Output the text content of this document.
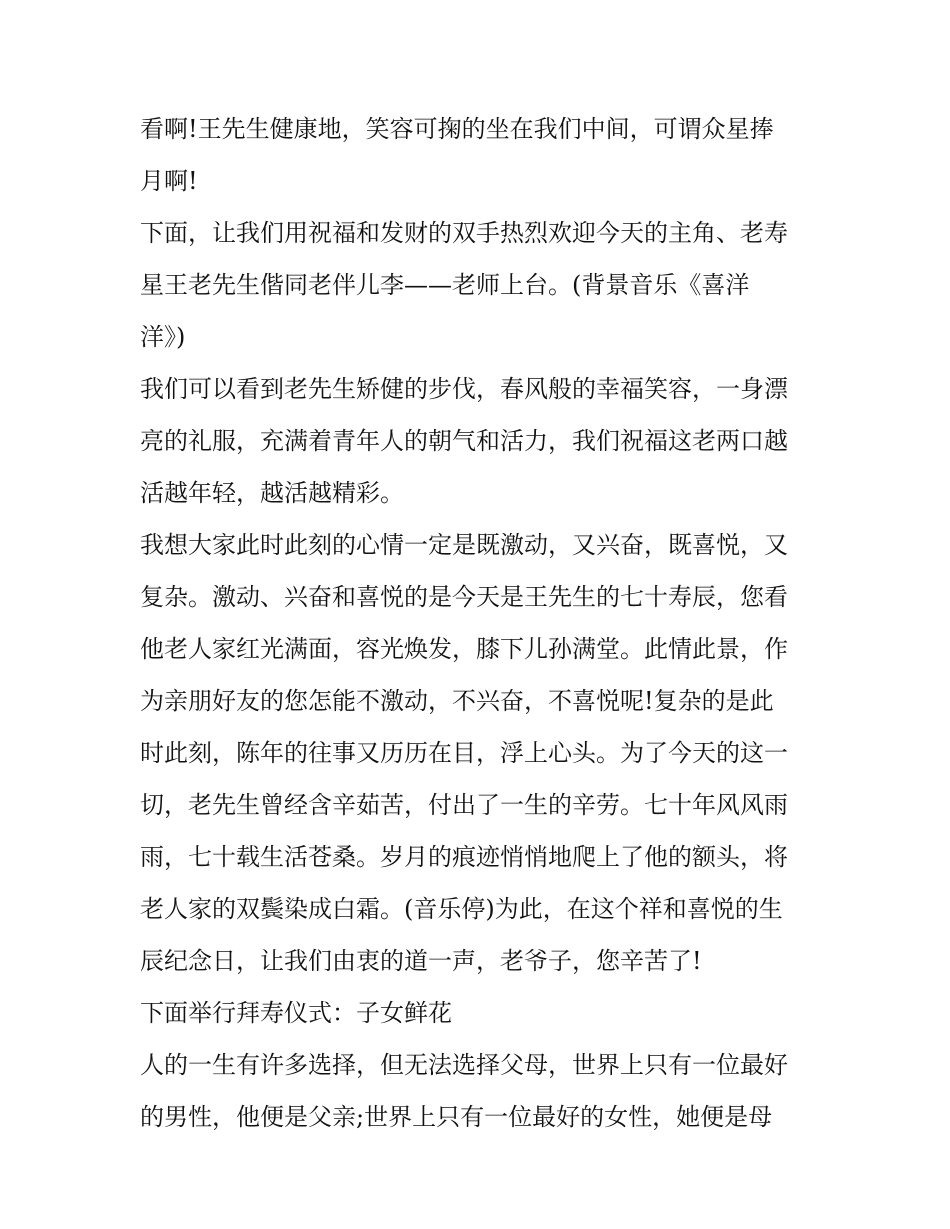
看啊!王先生健康地，笑容可掬的坐在我们中间，可谓众星捧
月啊!
下面，让我们用祝福和发财的双手热烈欢迎今天的主角、老寿
星王老先生偕同老伴儿李——老师上台。(背景音乐《喜洋
洋》)
我们可以看到老先生矫健的步伐，春风般的幸福笑容，一身漂
亮的礼服，充满着青年人的朝气和活力，我们祝福这老两口越
活越年轻，越活越精彩。
我想大家此时此刻的心情一定是既激动，又兴奋，既喜悦，又
复杂。激动、兴奋和喜悦的是今天是王先生的七十寿辰，您看
他老人家红光满面，容光焕发，膝下儿孙满堂。此情此景，作
为亲朋好友的您怎能不激动，不兴奋，不喜悦呢!复杂的是此
时此刻，陈年的往事又历历在目，浮上心头。为了今天的这一
切，老先生曾经含辛茹苦，付出了一生的辛劳。七十年风风雨
雨，七十载生活苍桑。岁月的痕迹悄悄地爬上了他的额头，将
老人家的双鬓染成白霜。(音乐停)为此，在这个祥和喜悦的生
辰纪念日，让我们由衷的道一声，老爷子，您辛苦了!
下面举行拜寿仪式：子女鲜花
人的一生有许多选择，但无法选择父母，世界上只有一位最好
的男性，他便是父亲;世界上只有一位最好的女性，她便是母
